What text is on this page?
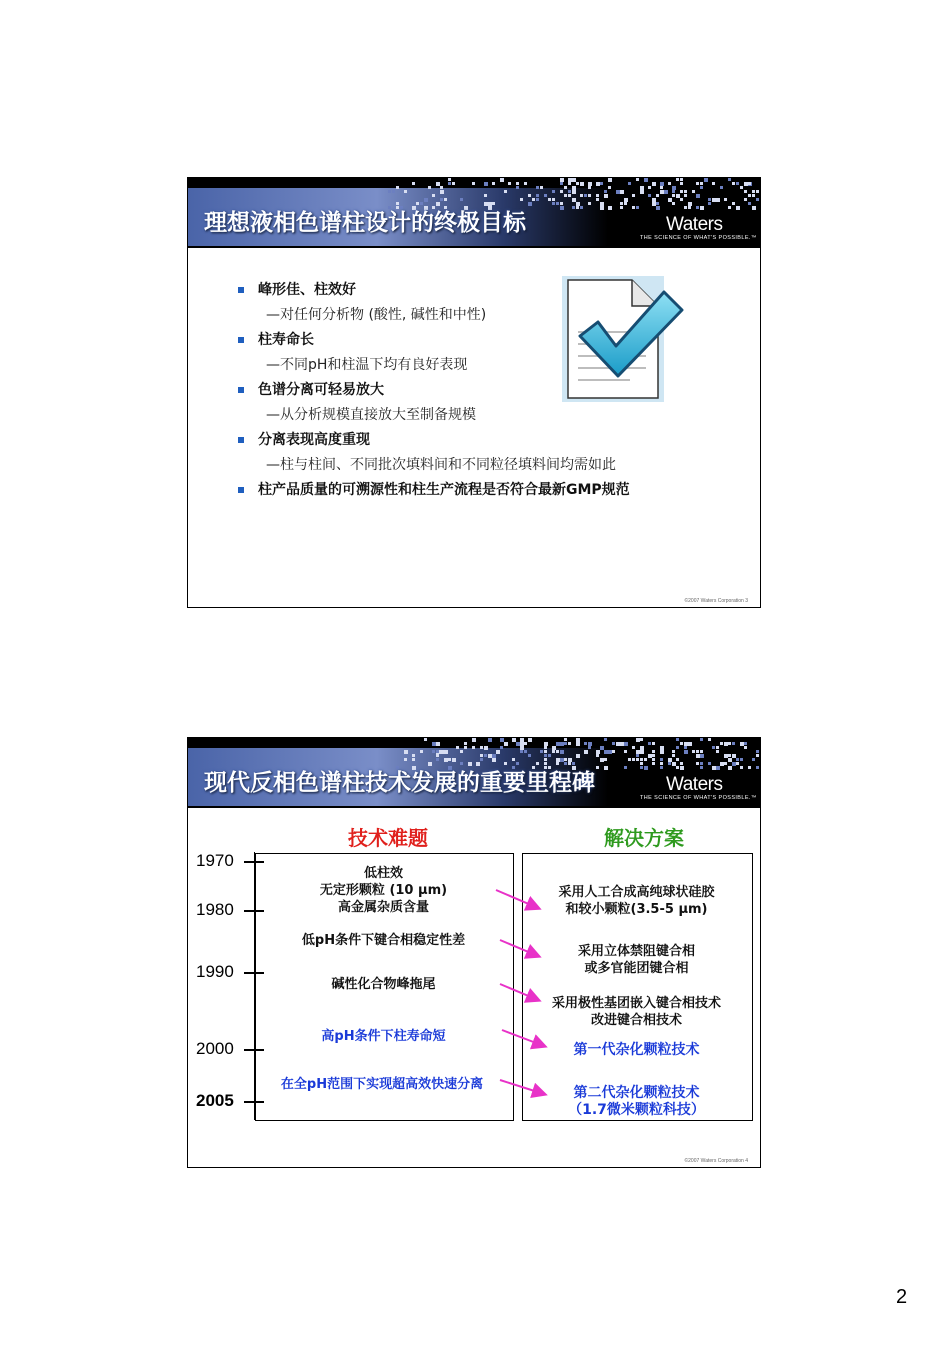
理想液相色谱柱设计的终极目标	Waters
THE SCIENCE OF WHAT'S POSSIBLE.™
峰形佳、柱效好
—对任何分析物 (酸性, 碱性和中性)
柱寿命长
—不同pH和柱温下均有良好表现
色谱分离可轻易放大
—从分析规模直接放大至制备规模
分离表现高度重现
—柱与柱间、不同批次填料间和不同粒径填料间均需如此
柱产品质量的可溯源性和柱生产流程是否符合最新GMP规范
©2007 Waters Corporation 3
现代反相色谱柱技术发展的重要里程碑	Waters
THE SCIENCE OF WHAT'S POSSIBLE.™
技术难题	解决方案
1970
1980
1990
2000
2005
低柱效
无定形颗粒 (10 μm)
高金属杂质含量
低pH条件下键合相稳定性差
碱性化合物峰拖尾
高pH条件下柱寿命短
在全pH范围下实现超高效快速分离
采用人工合成高纯球状硅胶
和较小颗粒(3.5-5 μm)
采用立体禁阻键合相
或多官能团键合相
采用极性基团嵌入键合相技术
改进键合相技术
第一代杂化颗粒技术
第二代杂化颗粒技术
（1.7微米颗粒科技）
©2007 Waters Corporation 4
2
